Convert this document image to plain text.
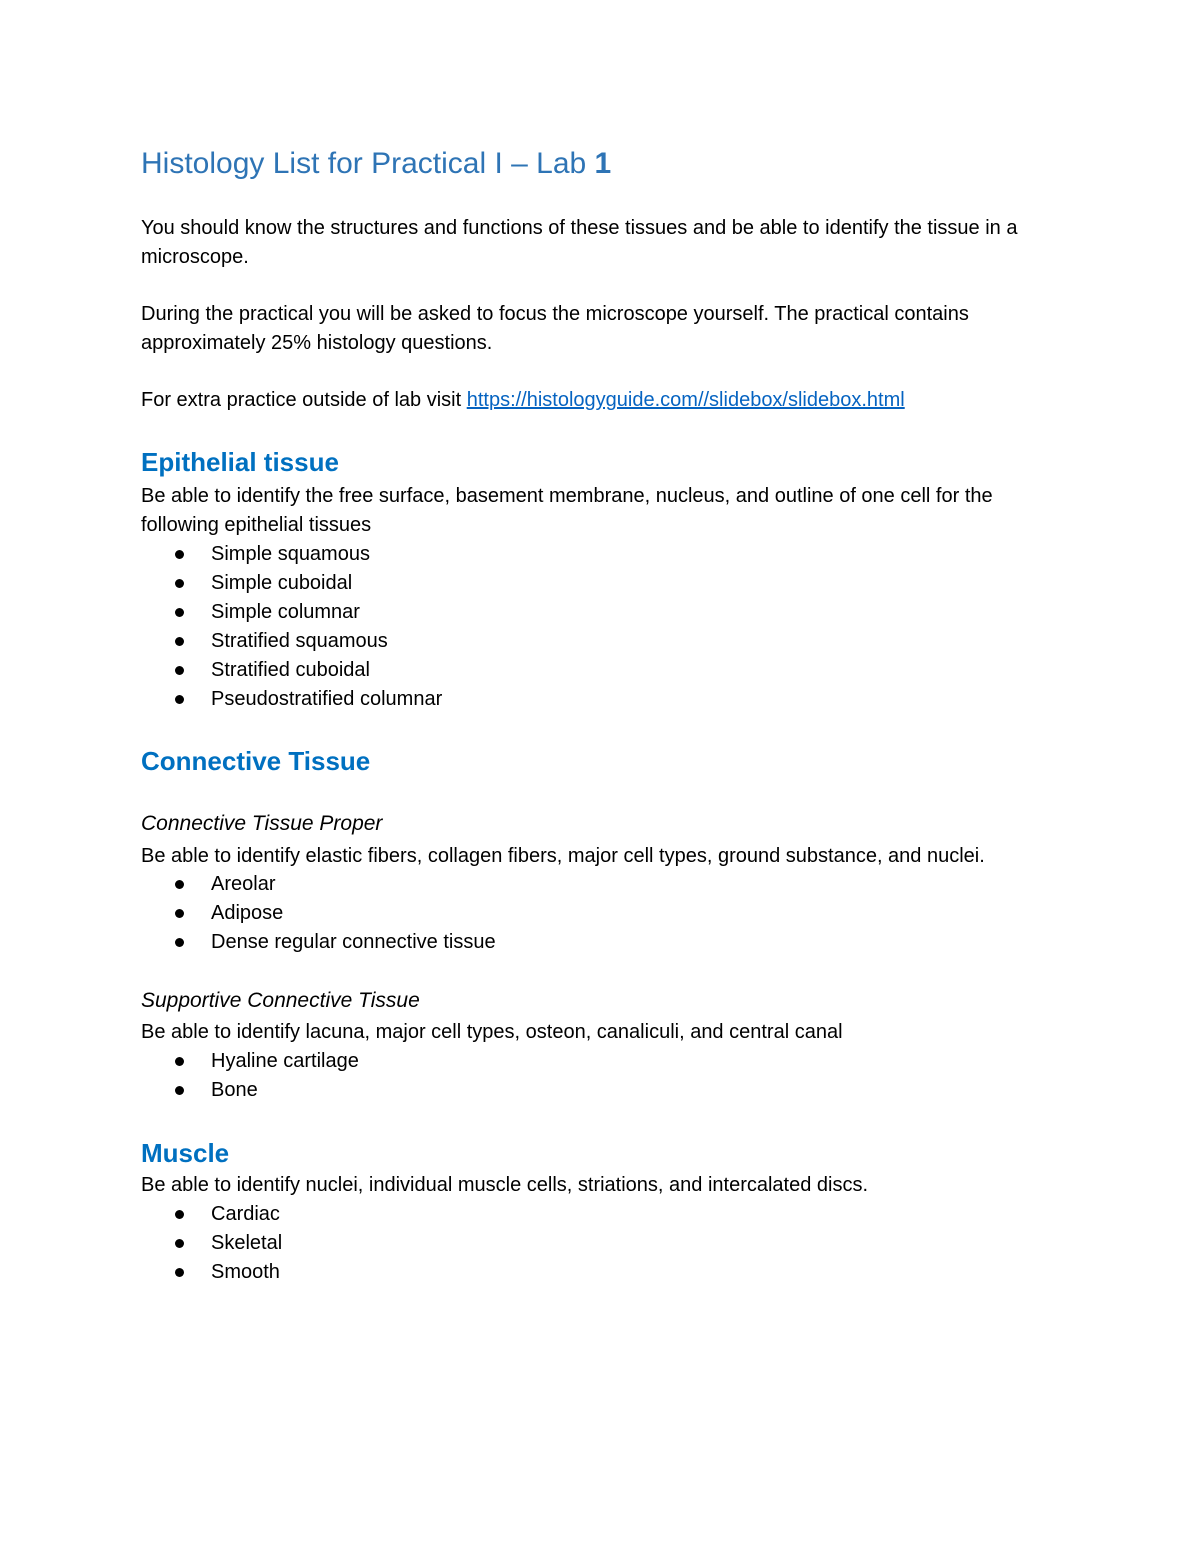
Histology List for Practical I – Lab 1

You should know the structures and functions of these tissues and be able to identify the tissue in a microscope.

During the practical you will be asked to focus the microscope yourself. The practical contains approximately 25% histology questions.

For extra practice outside of lab visit https://histologyguide.com//slidebox/slidebox.html

Epithelial tissue

Be able to identify the free surface, basement membrane, nucleus, and outline of one cell for the following epithelial tissues

Simple squamous
Simple cuboidal
Simple columnar
Stratified squamous
Stratified cuboidal
Pseudostratified columnar
Connective Tissue
Connective Tissue Proper

Be able to identify elastic fibers, collagen fibers, major cell types, ground substance, and nuclei.

Areolar
Adipose
Dense regular connective tissue
Supportive Connective Tissue

Be able to identify lacuna, major cell types, osteon, canaliculi, and central canal

Hyaline cartilage
Bone
Muscle

Be able to identify nuclei, individual muscle cells, striations, and intercalated discs.

Cardiac
Skeletal
Smooth
